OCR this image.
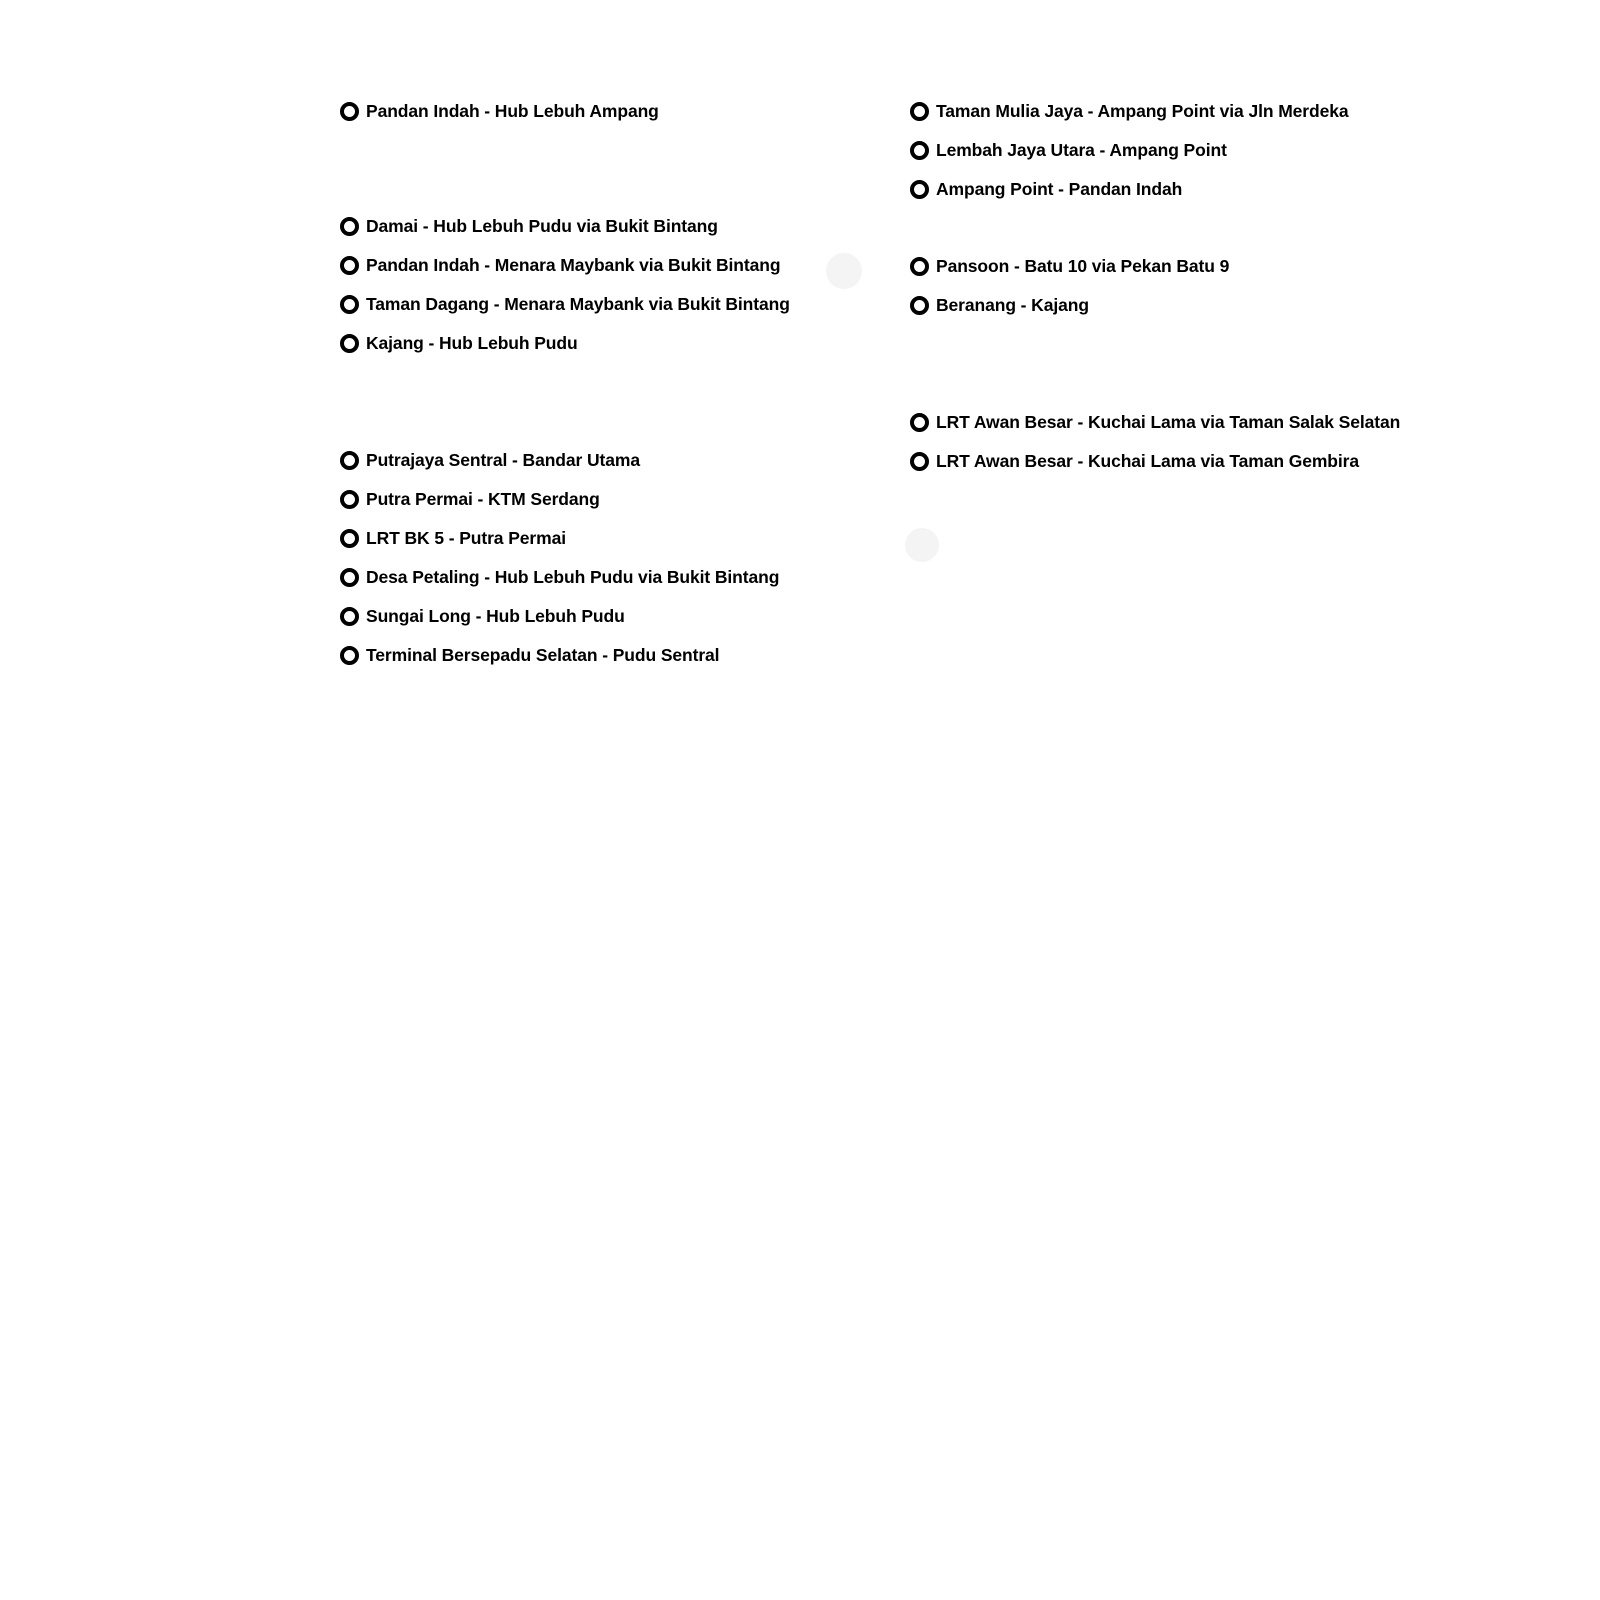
Pandan Indah - Hub Lebuh Ampang
Damai - Hub Lebuh Pudu via Bukit Bintang
Pandan Indah - Menara Maybank via Bukit Bintang
Taman Dagang - Menara Maybank via Bukit Bintang
Kajang - Hub Lebuh Pudu
Putrajaya Sentral - Bandar Utama
Putra Permai - KTM Serdang
LRT BK 5 - Putra Permai
Desa Petaling - Hub Lebuh Pudu via Bukit Bintang
Sungai Long - Hub Lebuh Pudu
Terminal Bersepadu Selatan - Pudu Sentral
Taman Mulia Jaya - Ampang Point via Jln Merdeka
Lembah Jaya Utara - Ampang Point
Ampang Point - Pandan Indah
Pansoon - Batu 10 via Pekan Batu 9
Beranang - Kajang
LRT Awan Besar - Kuchai Lama via Taman Salak Selatan
LRT Awan Besar - Kuchai Lama via Taman Gembira
